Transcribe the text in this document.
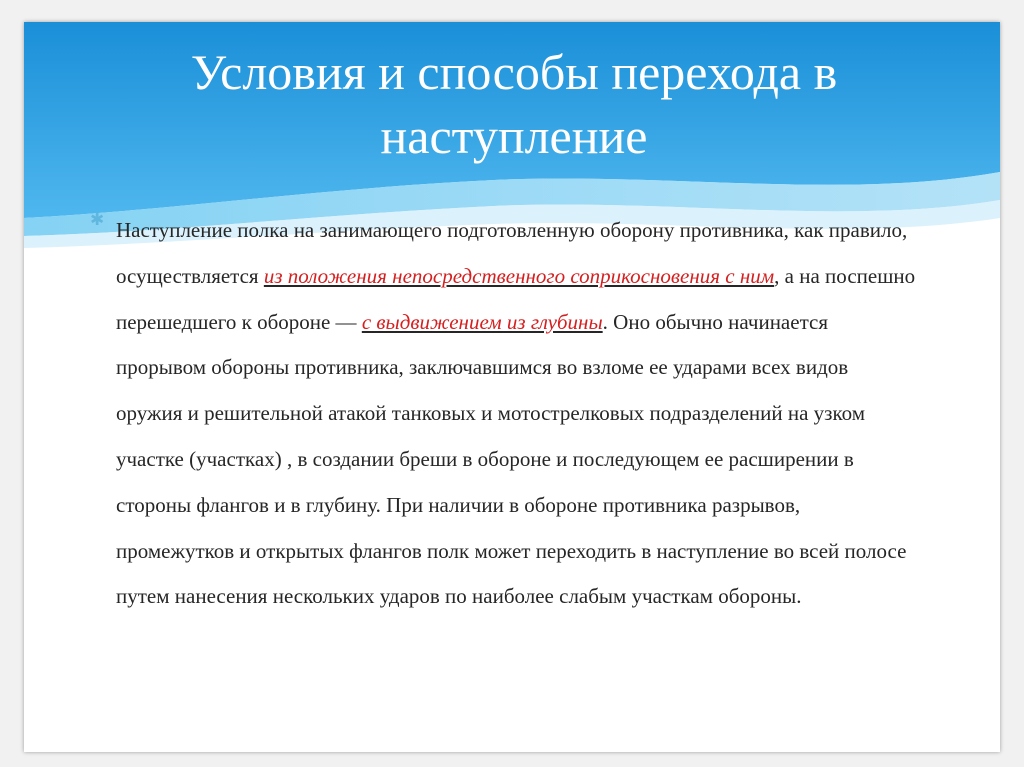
Условия и способы перехода в
наступление
✱ Наступление полка на занимающего подготовленную оборону противника, как правило, осуществляется из положения непосредственного соприкосновения с ним, а на поспешно перешедшего к обороне — с выдвижением из глубины. Оно обычно начинается прорывом обороны противника, заключавшимся во взломе ее ударами всех видов оружия и решительной атакой танковых и мотострелковых подразделений на узком участке (участках) , в создании бреши в обороне и последующем ее расширении в стороны флангов и в глубину. При наличии в обороне противника разрывов, промежутков и открытых флангов полк может переходить в наступление во всей полосе путем нанесения нескольких ударов по наиболее слабым участкам обороны.
